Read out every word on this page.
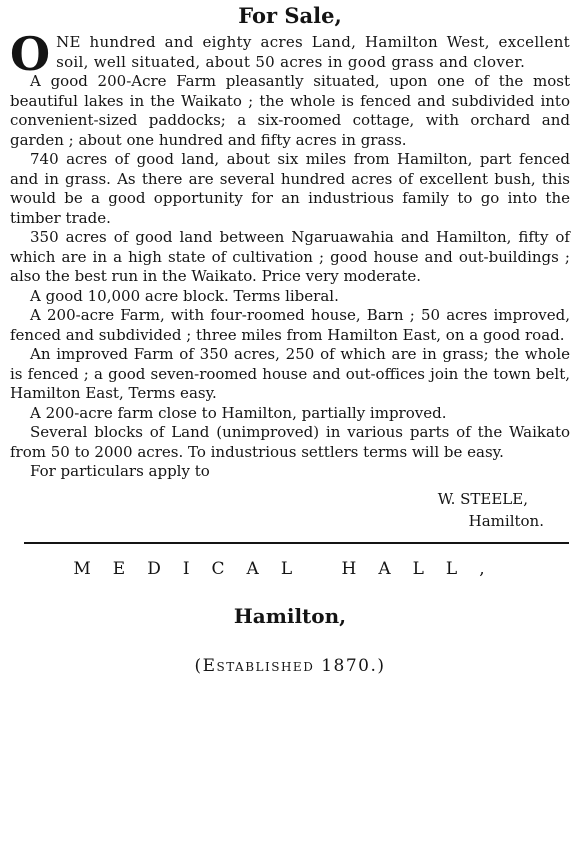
For Sale,

ONE hundred and eighty acres Land, Hamilton West, excellent soil, well situated, about 50 acres in good grass and clover.

A good 200-Acre Farm pleasantly situated, upon one of the most beautiful lakes in the Waikato ; the whole is fenced and subdivided into convenient-sized paddocks; a six-roomed cottage, with orchard and garden ; about one hundred and fifty acres in grass.

740 acres of good land, about six miles from Hamilton, part fenced and in grass. As there are several hundred acres of excellent bush, this would be a good opportunity for an industrious family to go into the timber trade.

350 acres of good land between Ngaruawahia and Hamilton, fifty of which are in a high state of cultivation ; good house and out-buildings ; also the best run in the Waikato. Price very moderate.

A good 10,000 acre block. Terms liberal.

A 200-acre Farm, with four-roomed house, Barn ; 50 acres improved, fenced and subdivided ; three miles from Hamilton East, on a good road.

An improved Farm of 350 acres, 250 of which are in grass; the whole is fenced ; a good seven-roomed house and out-offices join the town belt, Hamilton East, Terms easy.

A 200-acre farm close to Hamilton, partially improved.

Several blocks of Land (unimproved) in various parts of the Waikato from 50 to 2000 acres. To industrious settlers terms will be easy.

For particulars apply to

W. STEELE,
Hamilton.
MEDICAL HALL,
Hamilton,
(Established 1870.)
